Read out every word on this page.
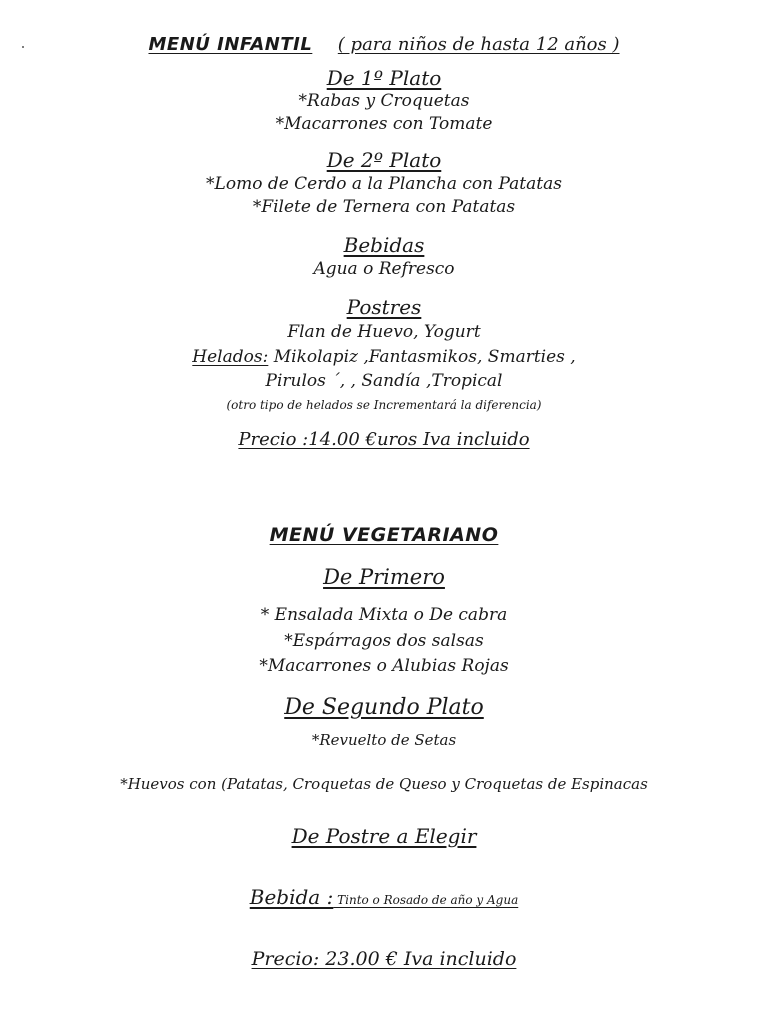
MENÚ INFANTIL ( para niños de hasta 12 años )
De 1º Plato
*Rabas y Croquetas
*Macarrones con Tomate
De 2º Plato
*Lomo de Cerdo a la Plancha con Patatas
*Filete de Ternera con Patatas
Bebidas
Agua o Refresco
Postres
Flan de Huevo, Yogurt
Helados: Mikolapiz ,Fantasmikos, Smarties ,
Pirulos ´, , Sandía ,Tropical
(otro tipo de helados se Incrementará la diferencia)
Precio :14.00 €uros Iva incluido
MENÚ VEGETARIANO
De Primero
* Ensalada Mixta o De cabra
*Espárragos dos salsas
*Macarrones o Alubias Rojas
De Segundo Plato
*Revuelto de Setas
*Huevos con (Patatas, Croquetas de Queso y Croquetas de Espinacas
De Postre a Elegir
Bebida : Tinto o Rosado de año y Agua
Precio: 23.00 € Iva incluido
